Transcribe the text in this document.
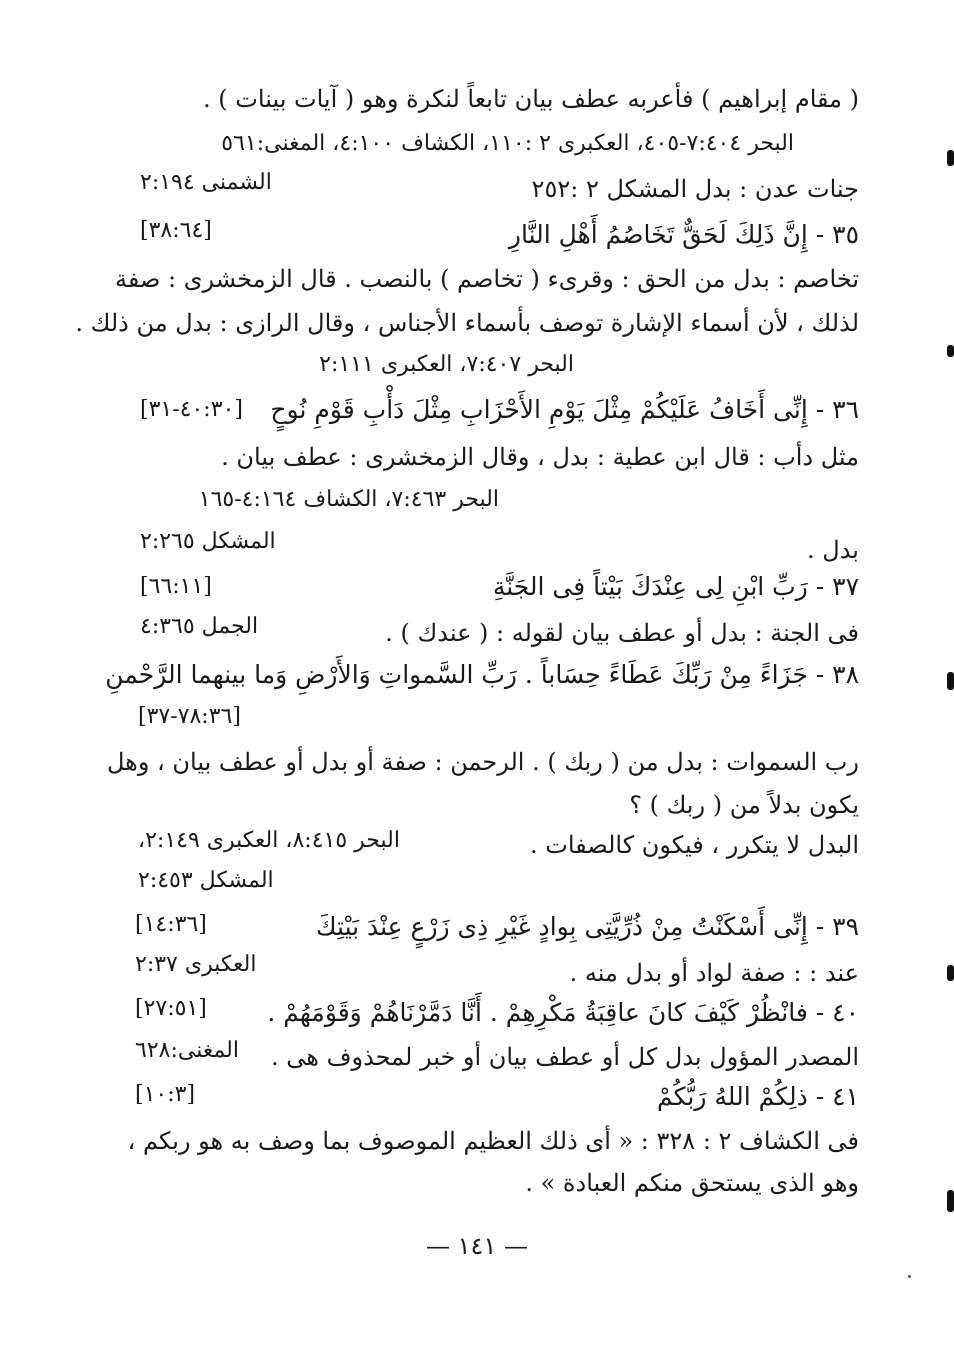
( مقام إبراهيم ) فأعربه عطف بيان تابعاً لنكرة وهو ( آيات بينات ) .
البحر ٧:٤٠٤-٤٠٥، العكبرى ٢ :١١٠، الكشاف ٤:١٠٠، المغنى:٥٦١
جنات عدن : بدل المشكل ٢ :٢٥٢
الشمنى ٢:١٩٤
٣٥ - إِنَّ ذَلِكَ لَحَقٌّ تَخَاصُمُ أَهْلِ النَّارِ
[٣٨:٦٤]
تخاصم : بدل من الحق : وقرىء ( تخاصم ) بالنصب . قال الزمخشرى : صفة
لذلك ، لأن أسماء الإشارة توصف بأسماء الأجناس ، وقال الرازى : بدل من ذلك .
البحر ٧:٤٠٧، العكبرى ٢:١١١
٣٦ - إِنِّى أَخَافُ عَلَيْكُمْ مِثْلَ يَوْمِ الأَحْزَابِ مِثْلَ دَأْبِ قَوْمِ نُوحٍ
[٤٠:٣٠-٣١]
مثل دأب : قال ابن عطية : بدل ، وقال الزمخشرى : عطف بيان .
البحر ٧:٤٦٣، الكشاف ٤:١٦٤-١٦٥
بدل .
المشكل ٢:٢٦٥
٣٧ - رَبِّ ابْنِ لِى عِنْدَكَ بَيْتاً فِى الجَنَّةِ
[٦٦:١١]
فى الجنة : بدل أو عطف بيان لقوله : ( عندك ) .
الجمل ٤:٣٦٥
٣٨ - جَزَاءً مِنْ رَبِّكَ عَطَاءً حِسَاباً . رَبِّ السَّمواتِ وَالأَرْضِ وَما بينهما الرَّحْمنِ
[٧٨:٣٦-٣٧]
رب السموات : بدل من ( ربك ) . الرحمن : صفة أو بدل أو عطف بيان ، وهل
يكون بدلاً من ( ربك ) ؟
البدل لا يتكرر ، فيكون كالصفات .
البحر ٨:٤١٥، العكبرى ٢:١٤٩،
المشكل ٢:٤٥٣
٣٩ - إِنِّى أَسْكَنْتُ مِنْ ذُرِّيَّتِى بِوادٍ غَيْرِ ذِى زَرْعٍ عِنْدَ بَيْتِكَ
[١٤:٣٦]
العكبرى ٢:٣٧	عند : : صفة لواد أو بدل منه .
٤٠ - فانْظُرْ كَيْفَ كانَ عاقِبَةُ مَكْرِهِمْ . أَنَّا دَمَّرْنَاهُمْ وَقَوْمَهُمْ .
[٢٧:٥١]
المصدر المؤول بدل كل أو عطف بيان أو خبر لمحذوف هى .
المغنى:٦٢٨
٤١ - ذلِكُمْ اللهُ رَبُّكُمْ
[١٠:٣]
فى الكشاف ٢ : ٣٢٨ : « أى ذلك العظيم الموصوف بما وصف به هو ربكم ،
وهو الذى يستحق منكم العبادة » .
— ١٤١ —
